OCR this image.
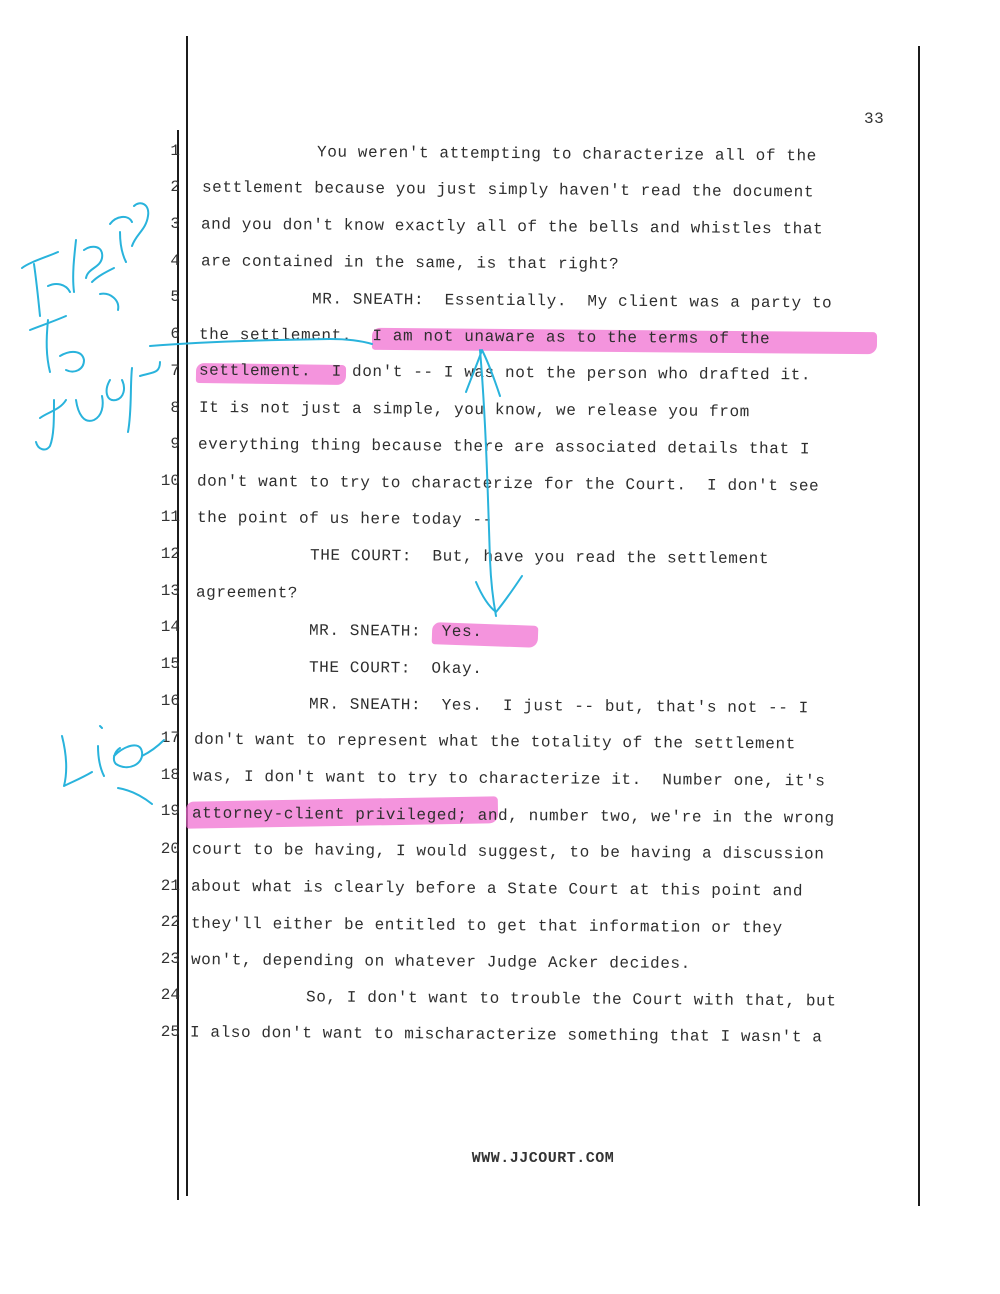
33
1 You weren't attempting to characterize all of the
2 settlement because you just simply haven't read the document
3 and you don't know exactly all of the bells and whistles that
4 are contained in the same, is that right?
5 MR. SNEATH:  Essentially.  My client was a party to
6 the settlement.  I am not unaware as to the terms of the
7 settlement.  I don't -- I was not the person who drafted it.
8 It is not just a simple, you know, we release you from
9 everything thing because there are associated details that I
10 don't want to try to characterize for the Court.  I don't see
11 the point of us here today --
12 THE COURT:  But, have you read the settlement
13 agreement?
14 MR. SNEATH:  Yes.
15 THE COURT:  Okay.
16 MR. SNEATH:  Yes.  I just -- but, that's not -- I
17 don't want to represent what the totality of the settlement
18 was, I don't want to try to characterize it.  Number one, it's
19 attorney-client privileged; and, number two, we're in the wrong
20 court to be having, I would suggest, to be having a discussion
21 about what is clearly before a State Court at this point and
22 they'll either be entitled to get that information or they
23 won't, depending on whatever Judge Acker decides.
24 So, I don't want to trouble the Court with that, but
25 I also don't want to mischaracterize something that I wasn't a
WWW.JJCOURT.COM
